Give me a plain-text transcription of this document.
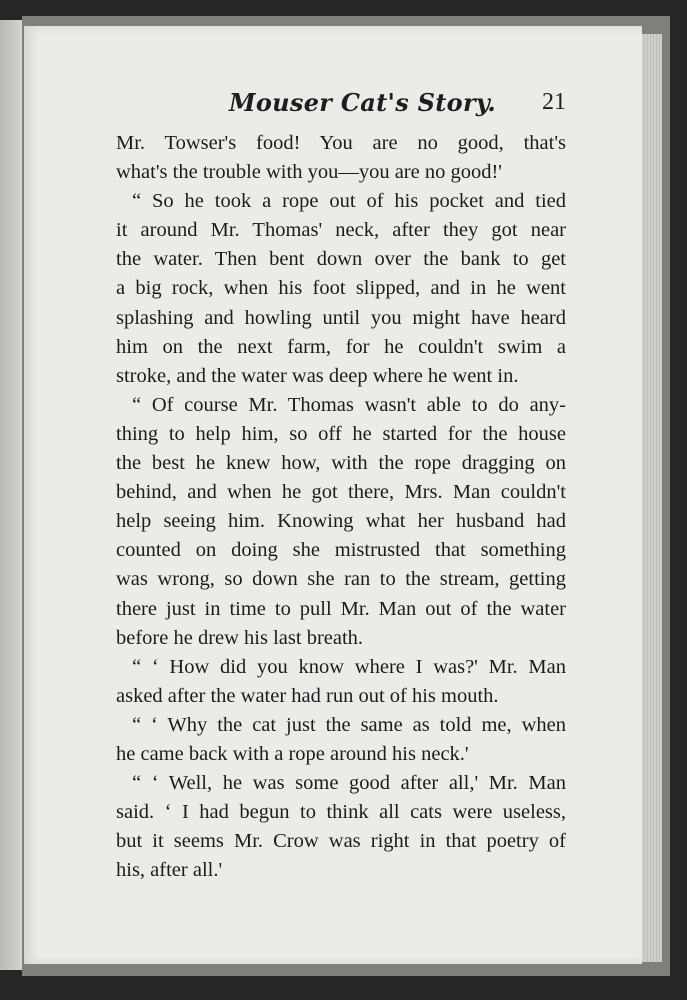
Mouser Cat's Story. 21
Mr. Towser's food! You are no good, that's
what's the trouble with you—you are no good!'
“ So he took a rope out of his pocket and tied
it around Mr. Thomas' neck, after they got near
the water. Then bent down over the bank to get
a big rock, when his foot slipped, and in he went
splashing and howling until you might have heard
him on the next farm, for he couldn't swim a
stroke, and the water was deep where he went in.
“ Of course Mr. Thomas wasn't able to do any-
thing to help him, so off he started for the house
the best he knew how, with the rope dragging on
behind, and when he got there, Mrs. Man couldn't
help seeing him. Knowing what her husband had
counted on doing she mistrusted that something
was wrong, so down she ran to the stream, getting
there just in time to pull Mr. Man out of the water
before he drew his last breath.
“ ‘ How did you know where I was?' Mr. Man
asked after the water had run out of his mouth.
“ ‘ Why the cat just the same as told me, when
he came back with a rope around his neck.'
“ ‘ Well, he was some good after all,' Mr. Man
said. ‘ I had begun to think all cats were useless,
but it seems Mr. Crow was right in that poetry of
his, after all.'
